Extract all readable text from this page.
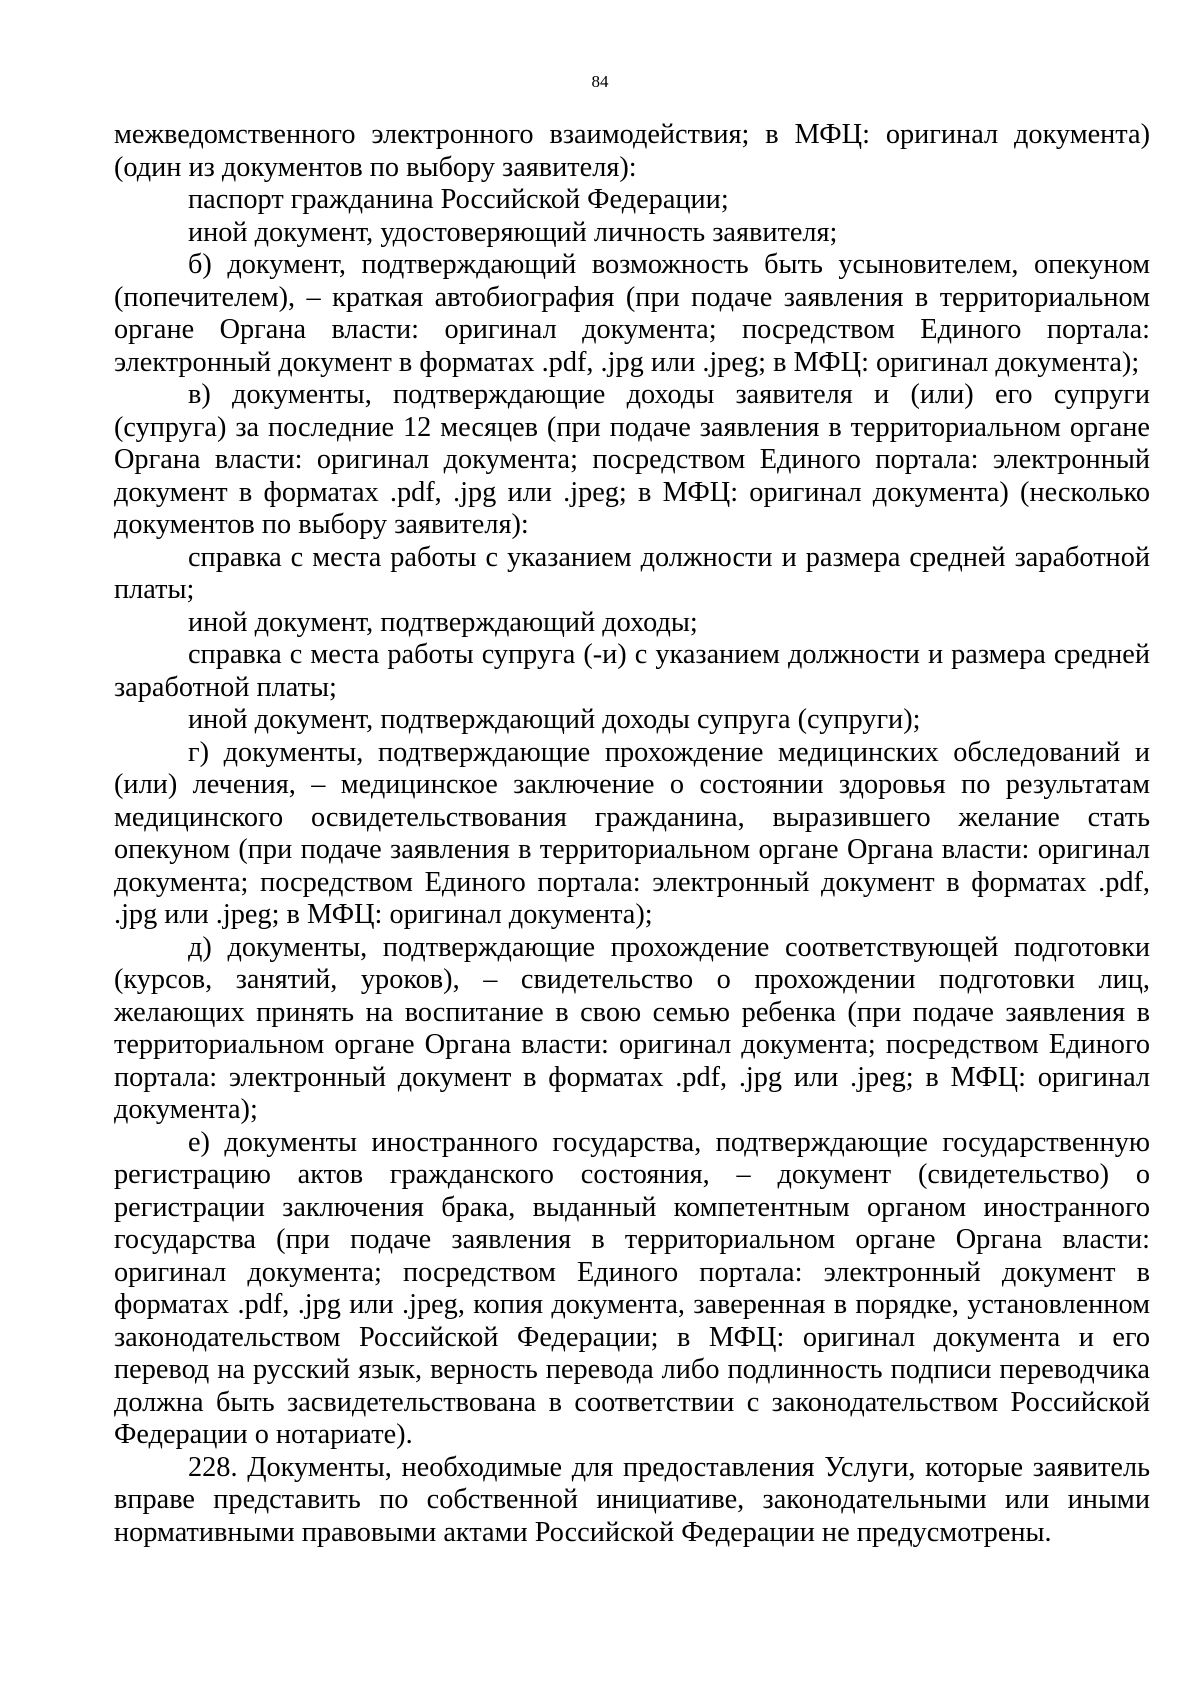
84

межведомственного электронного взаимодействия; в МФЦ: оригинал документа) (один из документов по выбору заявителя):

паспорт гражданина Российской Федерации;

иной документ, удостоверяющий личность заявителя;

б) документ, подтверждающий возможность быть усыновителем, опекуном (попечителем), – краткая автобиография (при подаче заявления в территориальном органе Органа власти: оригинал документа; посредством Единого портала: электронный документ в форматах .pdf, .jpg или .jpeg; в МФЦ: оригинал документа);

в) документы, подтверждающие доходы заявителя и (или) его супруги (супруга) за последние 12 месяцев (при подаче заявления в территориальном органе Органа власти: оригинал документа; посредством Единого портала: электронный документ в форматах .pdf, .jpg или .jpeg; в МФЦ: оригинал документа) (несколько документов по выбору заявителя):

справка с места работы с указанием должности и размера средней заработной платы;

иной документ, подтверждающий доходы;

справка с места работы супруга (-и) с указанием должности и размера средней заработной платы;

иной документ, подтверждающий доходы супруга (супруги);

г) документы, подтверждающие прохождение медицинских обследований и (или) лечения, – медицинское заключение о состоянии здоровья по результатам медицинского освидетельствования гражданина, выразившего желание стать опекуном (при подаче заявления в территориальном органе Органа власти: оригинал документа; посредством Единого портала: электронный документ в форматах .pdf, .jpg или .jpeg; в МФЦ: оригинал документа);

д) документы, подтверждающие прохождение соответствующей подготовки (курсов, занятий, уроков), – свидетельство о прохождении подготовки лиц, желающих принять на воспитание в свою семью ребенка (при подаче заявления в территориальном органе Органа власти: оригинал документа; посредством Единого портала: электронный документ в форматах .pdf, .jpg или .jpeg; в МФЦ: оригинал документа);

е) документы иностранного государства, подтверждающие государственную регистрацию актов гражданского состояния, – документ (свидетельство) о регистрации заключения брака, выданный компетентным органом иностранного государства (при подаче заявления в территориальном органе Органа власти: оригинал документа; посредством Единого портала: электронный документ в форматах .pdf, .jpg или .jpeg, копия документа, заверенная в порядке, установленном законодательством Российской Федерации; в МФЦ: оригинал документа и его перевод на русский язык, верность перевода либо подлинность подписи переводчика должна быть засвидетельствована в соответствии с законодательством Российской Федерации о нотариате).

228. Документы, необходимые для предоставления Услуги, которые заявитель вправе представить по собственной инициативе, законодательными или иными нормативными правовыми актами Российской Федерации не предусмотрены.
